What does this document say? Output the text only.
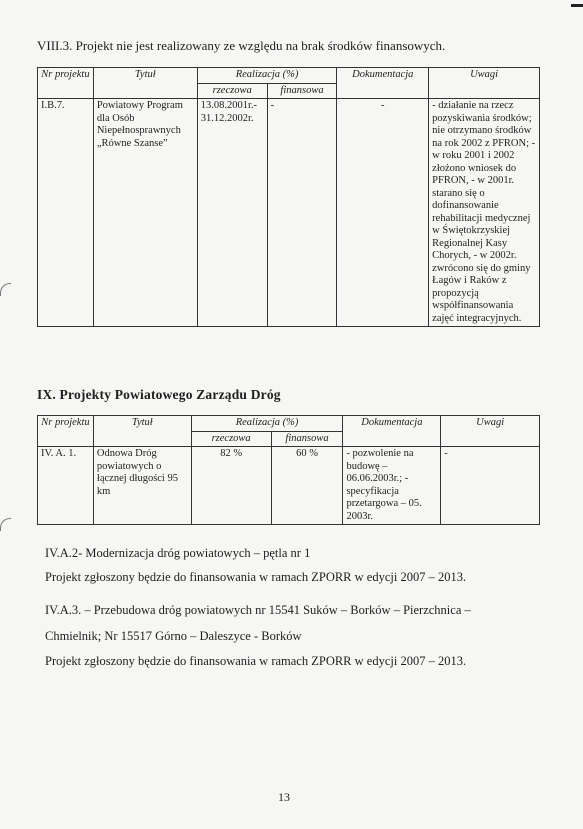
VIII.3. Projekt nie jest realizowany ze względu na brak środków finansowych.
Nr projektu	Tytuł	Realizacja (%)		Dokumentacja	Uwagi
		rzeczowa	finansowa		
I.B.7.	Powiatowy Program dla Osób Niepełnosprawnych „Równe Szanse”	13.08.2001r.- 31.12.2002r.	-	-	- działanie na rzecz pozyskiwania środków; nie otrzymano środków na rok 2002 z PFRON; - w roku 2001 i 2002 złożono wniosek do PFRON, - w 2001r. starano się o dofinansowanie rehabilitacji medycznej w Świętokrzyskiej Regionalnej Kasy Chorych, - w 2002r. zwrócono się do gminy Łagów i Raków z propozycją współfinansowania zajęć integracyjnych.
IX. Projekty Powiatowego Zarządu Dróg
Nr projektu	Tytuł	Realizacja (%)		Dokumentacja	Uwagi
		rzeczowa	finansowa		
IV. A. 1.	Odnowa Dróg powiatowych o łącznej długości 95 km	82 %	60 %	- pozwolenie na budowę – 06.06.2003r.; - specyfikacja przetargowa – 05. 2003r.	-
IV.A.2- Modernizacja dróg powiatowych – pętla nr 1
Projekt zgłoszony będzie do finansowania w ramach ZPORR w edycji 2007 – 2013.
IV.A.3. – Przebudowa dróg powiatowych nr 15541 Suków – Borków – Pierzchnica –
Chmielnik; Nr 15517 Górno – Daleszyce - Borków
Projekt zgłoszony będzie do finansowania w ramach ZPORR w edycji 2007 – 2013.
13
